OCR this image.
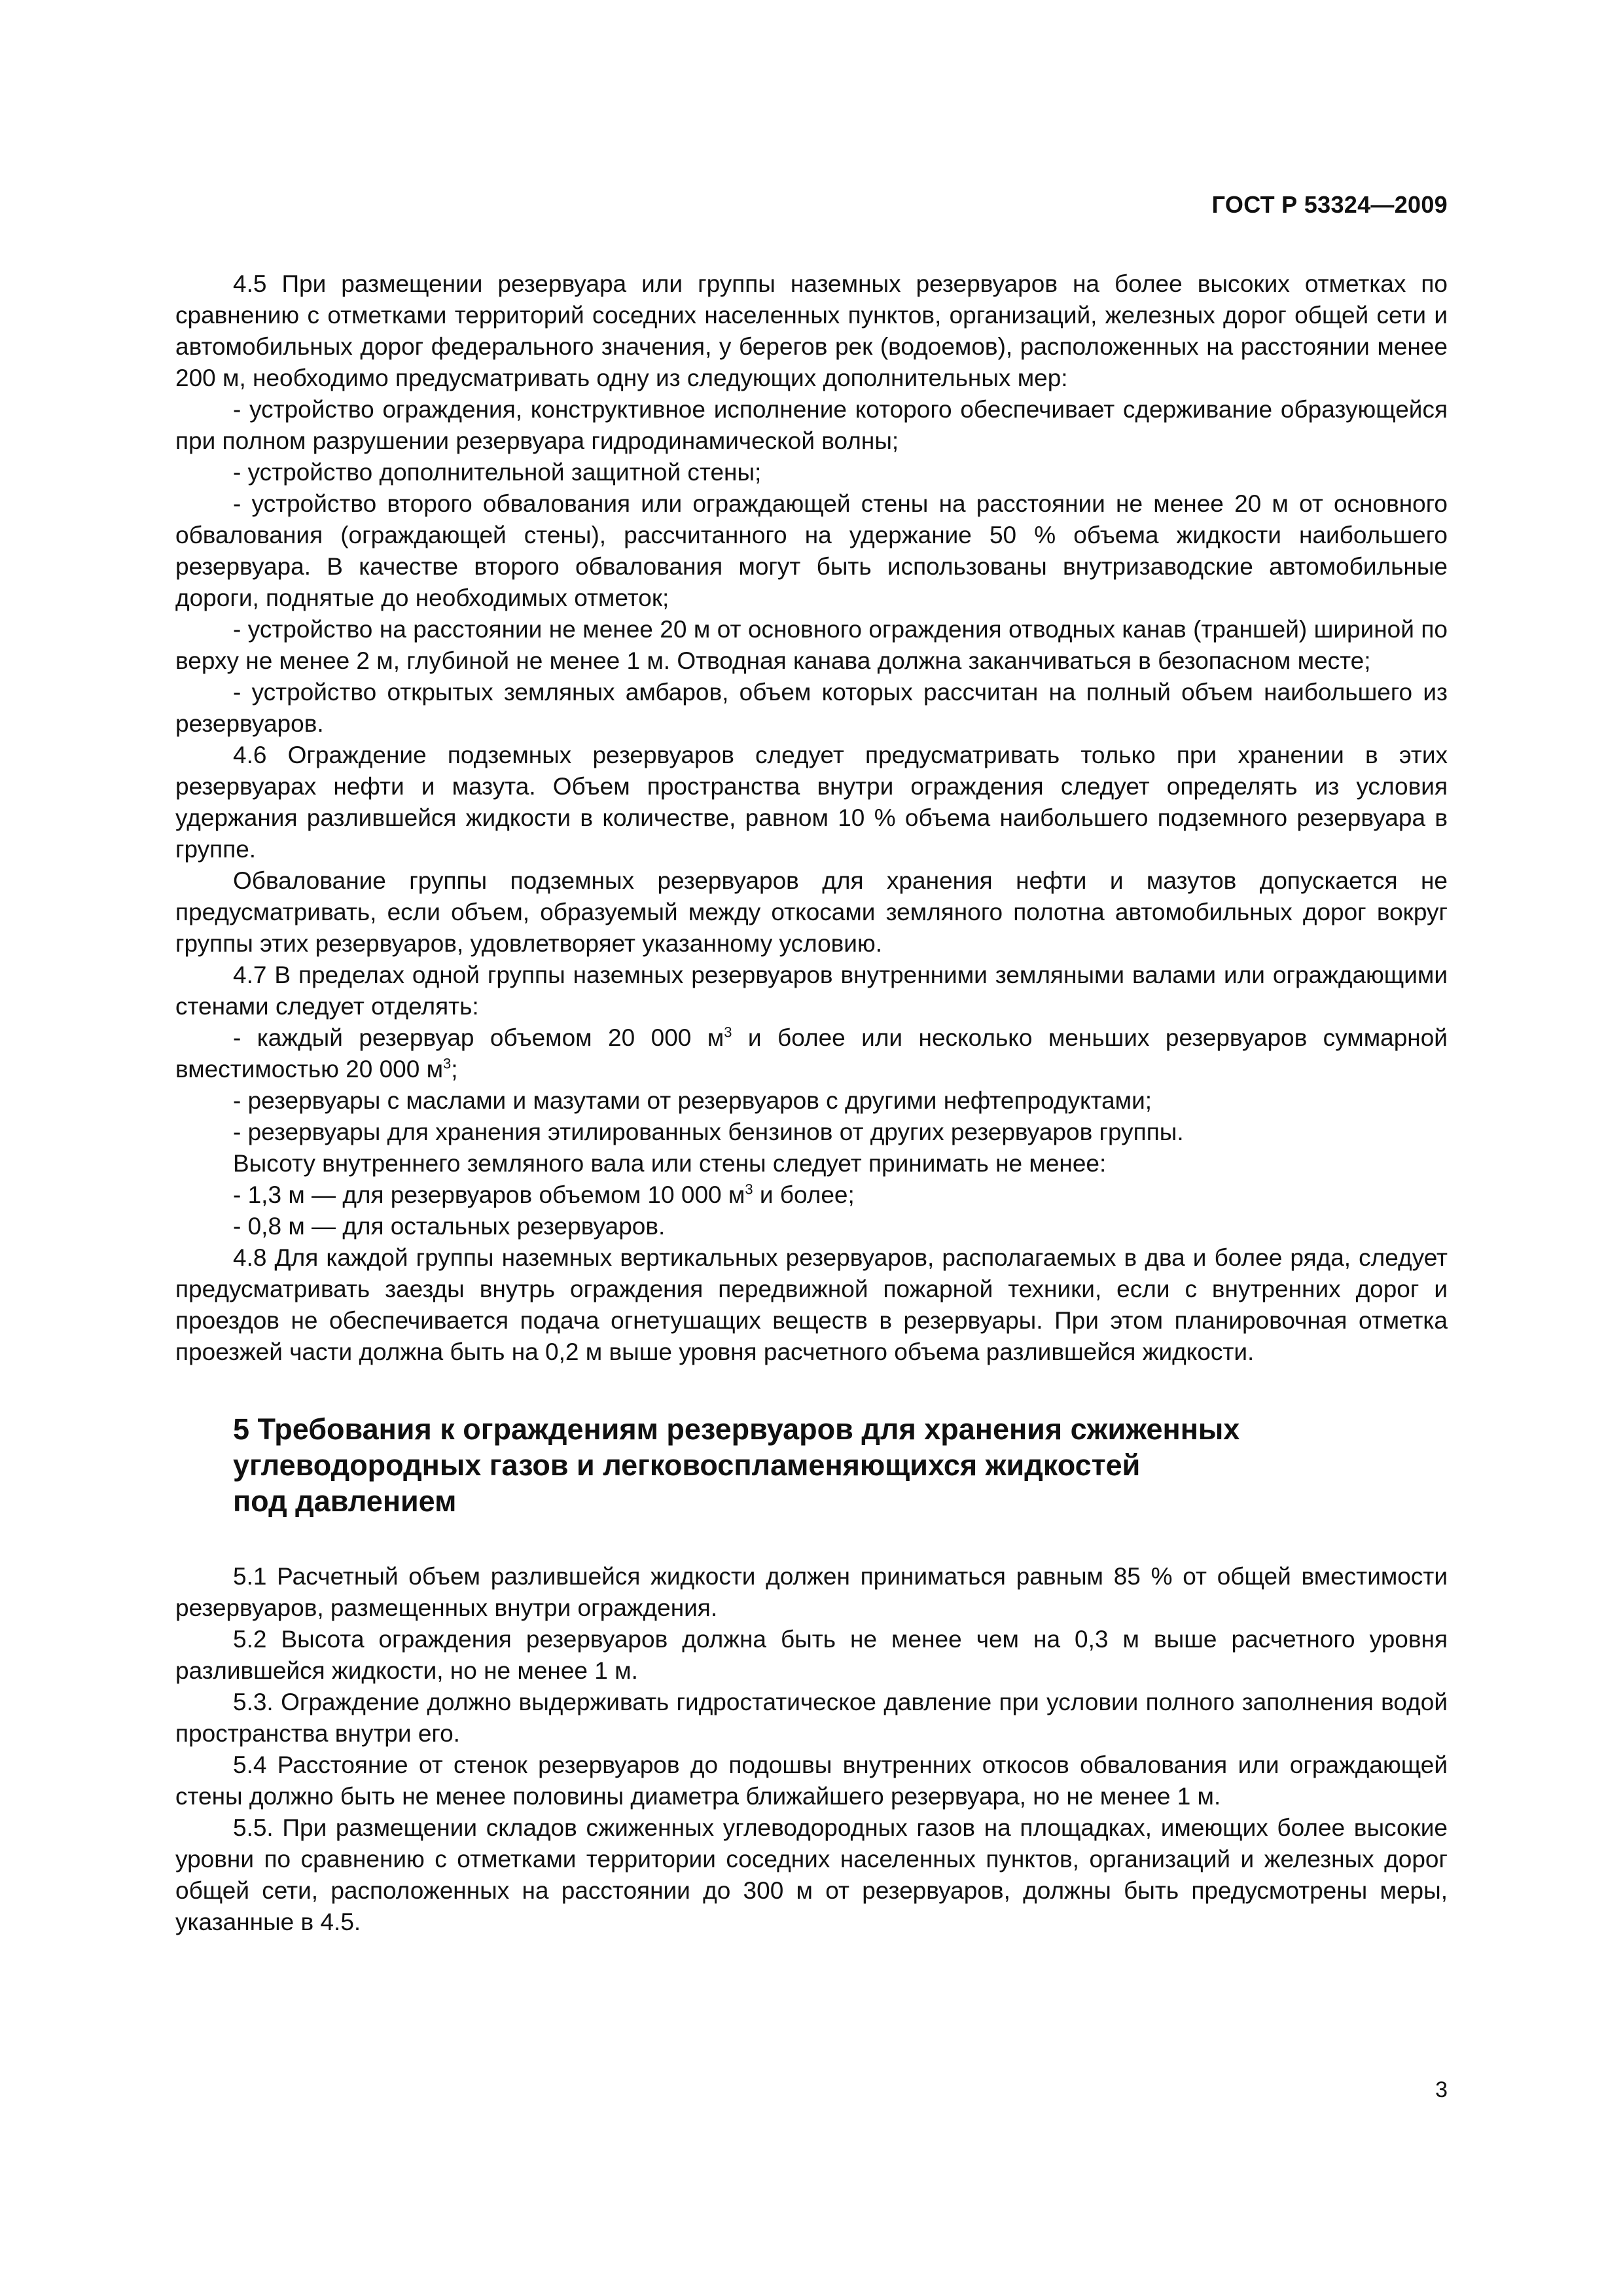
ГОСТ Р 53324—2009

4.5 При размещении резервуара или группы наземных резервуаров на более высоких отметках по сравнению с отметками территорий соседних населенных пунктов, организаций, железных дорог общей сети и автомобильных дорог федерального значения, у берегов рек (водоемов), расположенных на расстоянии менее 200 м, необходимо предусматривать одну из следующих дополнительных мер:

- устройство ограждения, конструктивное исполнение которого обеспечивает сдерживание образующейся при полном разрушении резервуара гидродинамической волны;

- устройство дополнительной защитной стены;

- устройство второго обвалования или ограждающей стены на расстоянии не менее 20 м от основного обвалования (ограждающей стены), рассчитанного на удержание 50 % объема жидкости наибольшего резервуара. В качестве второго обвалования могут быть использованы внутризаводские автомобильные дороги, поднятые до необходимых отметок;

- устройство на расстоянии не менее 20 м от основного ограждения отводных канав (траншей) шириной по верху не менее 2 м, глубиной не менее 1 м. Отводная канава должна заканчиваться в безопасном месте;

- устройство открытых земляных амбаров, объем которых рассчитан на полный объем наибольшего из резервуаров.

4.6 Ограждение подземных резервуаров следует предусматривать только при хранении в этих резервуарах нефти и мазута. Объем пространства внутри ограждения следует определять из условия удержания разлившейся жидкости в количестве, равном 10 % объема наибольшего подземного резервуара в группе.

Обвалование группы подземных резервуаров для хранения нефти и мазутов допускается не предусматривать, если объем, образуемый между откосами земляного полотна автомобильных дорог вокруг группы этих резервуаров, удовлетворяет указанному условию.

4.7 В пределах одной группы наземных резервуаров внутренними земляными валами или ограждающими стенами следует отделять:

- каждый резервуар объемом 20 000 $м^3$ и более или несколько меньших резервуаров суммарной вместимостью 20 000 $м^3$;

- резервуары с маслами и мазутами от резервуаров с другими нефтепродуктами;

- резервуары для хранения этилированных бензинов от других резервуаров группы.

Высоту внутреннего земляного вала или стены следует принимать не менее:

- 1,3 м — для резервуаров объемом 10 000 $м^3$ и более;

- 0,8 м — для остальных резервуаров.

4.8 Для каждой группы наземных вертикальных резервуаров, располагаемых в два и более ряда, следует предусматривать заезды внутрь ограждения передвижной пожарной техники, если с внутренних дорог и проездов не обеспечивается подача огнетушащих веществ в резервуары. При этом планировочная отметка проезжей части должна быть на 0,2 м выше уровня расчетного объема разлившейся жидкости.

5 Требования к ограждениям резервуаров для хранения сжиженных
углеводородных газов и легковоспламеняющихся жидкостей
под давлением

5.1 Расчетный объем разлившейся жидкости должен приниматься равным 85 % от общей вместимости резервуаров, размещенных внутри ограждения.

5.2 Высота ограждения резервуаров должна быть не менее чем на 0,3 м выше расчетного уровня разлившейся жидкости, но не менее 1 м.

5.3. Ограждение должно выдерживать гидростатическое давление при условии полного заполнения водой пространства внутри его.

5.4 Расстояние от стенок резервуаров до подошвы внутренних откосов обвалования или ограждающей стены должно быть не менее половины диаметра ближайшего резервуара, но не менее 1 м.

5.5. При размещении складов сжиженных углеводородных газов на площадках, имеющих более высокие уровни по сравнению с отметками территории соседних населенных пунктов, организаций и железных дорог общей сети, расположенных на расстоянии до 300 м от резервуаров, должны быть предусмотрены меры, указанные в 4.5.

3
